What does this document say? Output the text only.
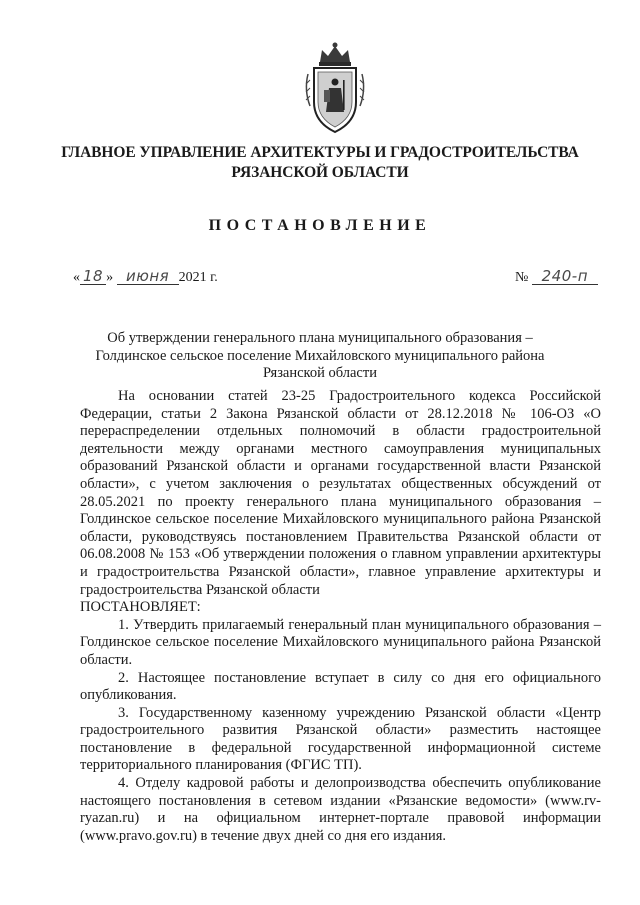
ГЛАВНОЕ УПРАВЛЕНИЕ АРХИТЕКТУРЫ И ГРАДОСТРОИТЕЛЬСТВА
РЯЗАНСКОЙ ОБЛАСТИ
ПОСТАНОВЛЕНИЕ
« 18 » июня 2021 г.	№ 240-п
Об утверждении генерального плана муниципального образования –
Голдинское сельское поселение Михайловского муниципального района
Рязанской области

На основании статей 23-25 Градостроительного кодекса Российской Федерации, статьи 2 Закона Рязанской области от 28.12.2018 № 106-ОЗ «О перераспределении отдельных полномочий в области градостроительной деятельности между органами местного самоуправления муниципальных образований Рязанской области и органами государственной власти Рязанской области», с учетом заключения о результатах общественных обсуждений от 28.05.2021 по проекту генерального плана муниципального образования – Голдинское сельское поселение Михайловского муниципального района Рязанской области, руководствуясь постановлением Правительства Рязанской области от 06.08.2008 № 153 «Об утверждении положения о главном управлении архитектуры и градостроительства Рязанской области», главное управление архитектуры и градостроительства Рязанской области

ПОСТАНОВЛЯЕТ:

1. Утвердить прилагаемый генеральный план муниципального образования – Голдинское сельское поселение Михайловского муниципального района Рязанской области.

2. Настоящее постановление вступает в силу со дня его официального опубликования.

3. Государственному казенному учреждению Рязанской области «Центр градостроительного развития Рязанской области» разместить настоящее постановление в федеральной государственной информационной системе территориального планирования (ФГИС ТП).

4. Отделу кадровой работы и делопроизводства обеспечить опубликование настоящего постановления в сетевом издании «Рязанские ведомости» (www.rv-ryazan.ru) и на официальном интернет-портале правовой информации (www.pravo.gov.ru) в течение двух дней со дня его издания.
